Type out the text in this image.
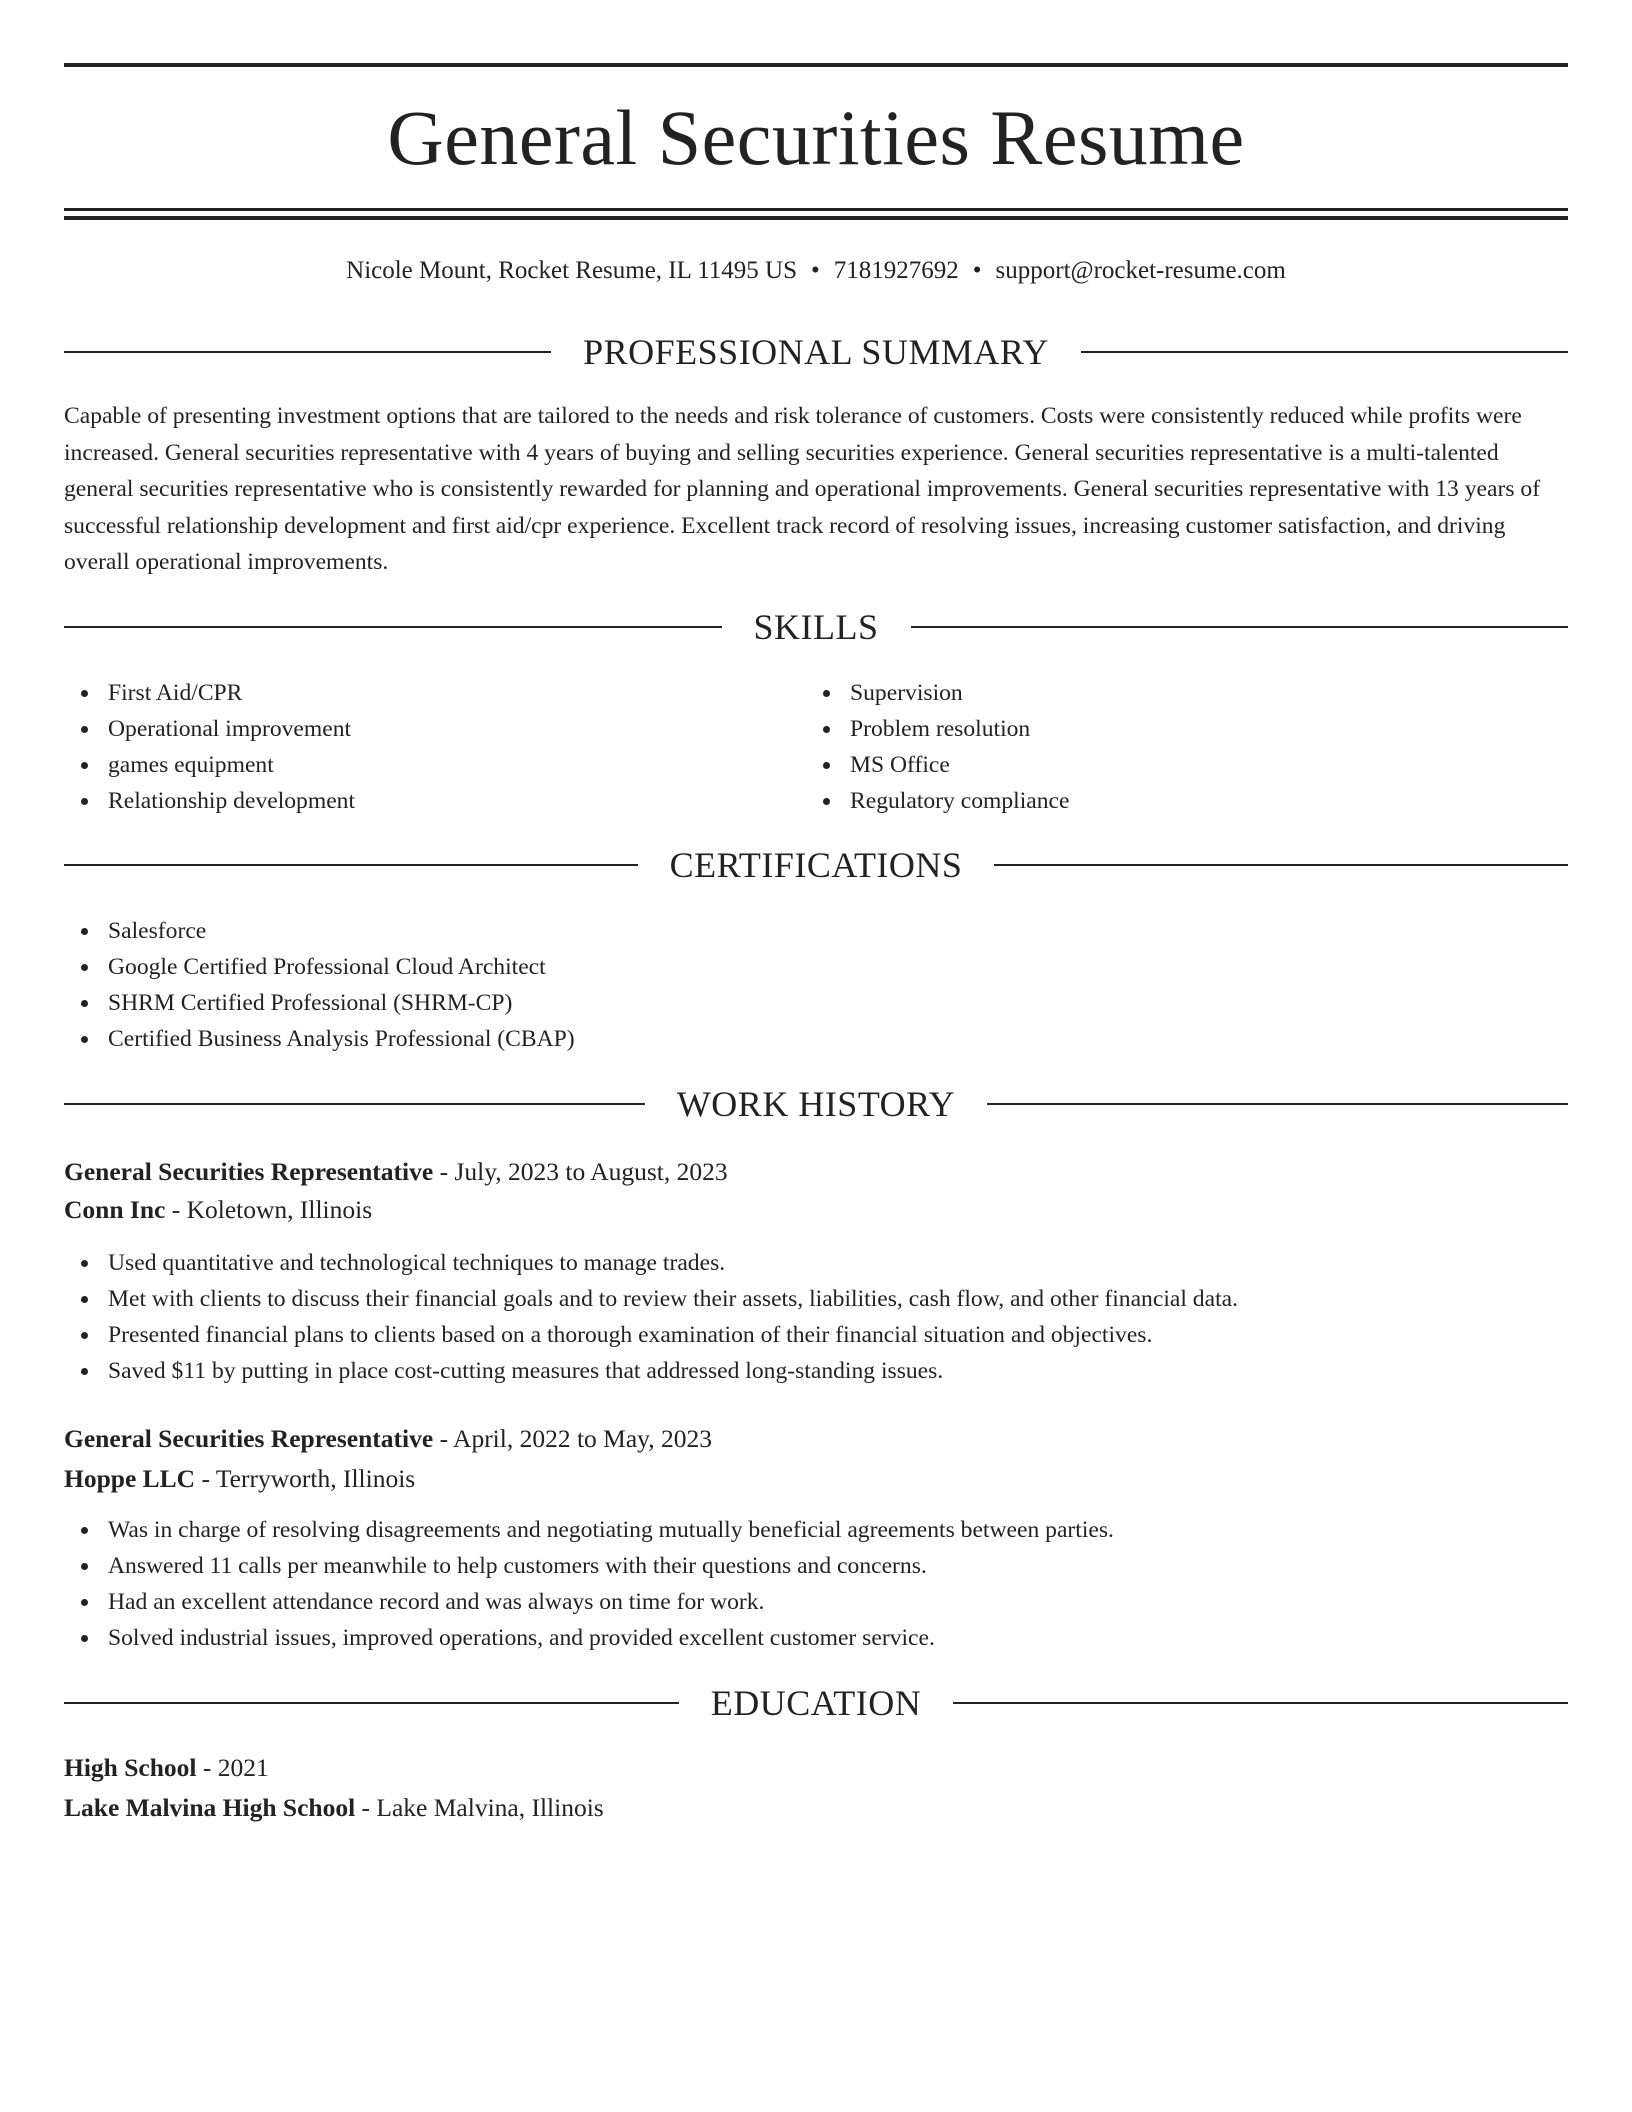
General Securities Resume
Nicole Mount, Rocket Resume, IL 11495 US • 7181927692 • support@rocket-resume.com
PROFESSIONAL SUMMARY

Capable of presenting investment options that are tailored to the needs and risk tolerance of customers. Costs were consistently reduced while profits were increased. General securities representative with 4 years of buying and selling securities experience. General securities representative is a multi-talented general securities representative who is consistently rewarded for planning and operational improvements. General securities representative with 13 years of successful relationship development and first aid/cpr experience. Excellent track record of resolving issues, increasing customer satisfaction, and driving overall operational improvements.

SKILLS
First Aid/CPR
Operational improvement
games equipment
Relationship development
Supervision
Problem resolution
MS Office
Regulatory compliance
CERTIFICATIONS
Salesforce
Google Certified Professional Cloud Architect
SHRM Certified Professional (SHRM-CP)
Certified Business Analysis Professional (CBAP)
WORK HISTORY
General Securities Representative - July, 2023 to August, 2023
Conn Inc - Koletown, Illinois
Used quantitative and technological techniques to manage trades.
Met with clients to discuss their financial goals and to review their assets, liabilities, cash flow, and other financial data.
Presented financial plans to clients based on a thorough examination of their financial situation and objectives.
Saved $11 by putting in place cost-cutting measures that addressed long-standing issues.
General Securities Representative - April, 2022 to May, 2023
Hoppe LLC - Terryworth, Illinois
Was in charge of resolving disagreements and negotiating mutually beneficial agreements between parties.
Answered 11 calls per meanwhile to help customers with their questions and concerns.
Had an excellent attendance record and was always on time for work.
Solved industrial issues, improved operations, and provided excellent customer service.
EDUCATION
High School - 2021
Lake Malvina High School - Lake Malvina, Illinois
